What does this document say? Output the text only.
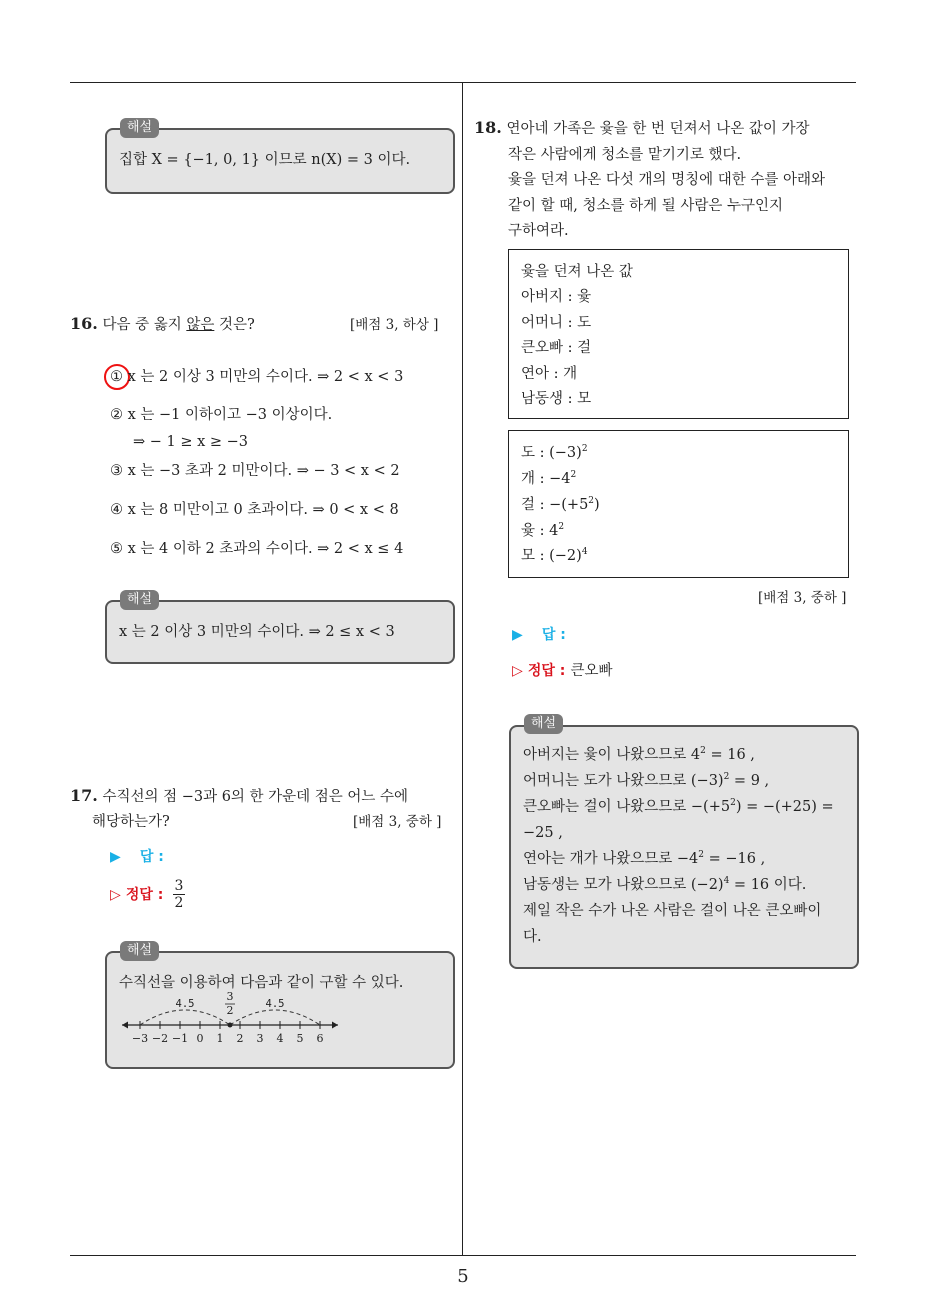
5
집합 X = {−1, 0, 1} 이므로 n(X) = 3 이다.
해설
16. 다음 중 옳지 않은 것은?	[배점 3, 하상 ]
① x 는 2 이상 3 미만의 수이다. ⇒ 2 < x < 3
② x 는 −1 이하이고 −3 이상이다.
⇒ − 1 ≥ x ≥ −3
③ x 는 −3 초과 2 미만이다. ⇒ − 3 < x < 2
④ x 는 8 미만이고 0 초과이다. ⇒ 0 < x < 8
⑤ x 는 4 이하 2 초과의 수이다. ⇒ 2 < x ≤ 4
x 는 2 이상 3 미만의 수이다. ⇒ 2 ≤ x < 3
해설
17. 수직선의 점 −3과 6의 한 가운데 점은 어느 수에
해당하는가?	[배점 3, 중하 ]
▶ 답 :
▷ 정답 : $\frac{3}{2}$
수직선을 이용하여 다음과 같이 구할 수 있다.
−3 −2 −1 0 1 2 3 4 5 6
4.5	4.5
3
2
해설
18. 연아네 가족은 윷을 한 번 던져서 나온 값이 가장
작은 사람에게 청소를 맡기기로 했다.
윷을 던져 나온 다섯 개의 명칭에 대한 수를 아래와
같이 할 때, 청소를 하게 될 사람은 누구인지
구하여라.
윷을 던져 나온 값
아버지 : 윷
어머니 : 도
큰오빠 : 걸
연아 : 개
남동생 : 모
도 : $(-3)^2$
개 : $-4^2$
걸 : $-(+5^2)$
윷 : $4^2$
모 : $(-2)^4$
[배점 3, 중하 ]
▶ 답 :
▷ 정답 : 큰오빠
아버지는 윷이 나왔으므로 $4^2 = 16$ ,
어머니는 도가 나왔으므로 $(-3)^2 = 9$ ,
큰오빠는 걸이 나왔으므로 $-(+5^2) = -(+25)$ =
−25 ,
연아는 개가 나왔으므로 $-4^2 = -16$ ,
남동생는 모가 나왔으므로 $(-2)^4 = 16$ 이다.
제일 작은 수가 나온 사람은 걸이 나온 큰오빠이
다.
해설
